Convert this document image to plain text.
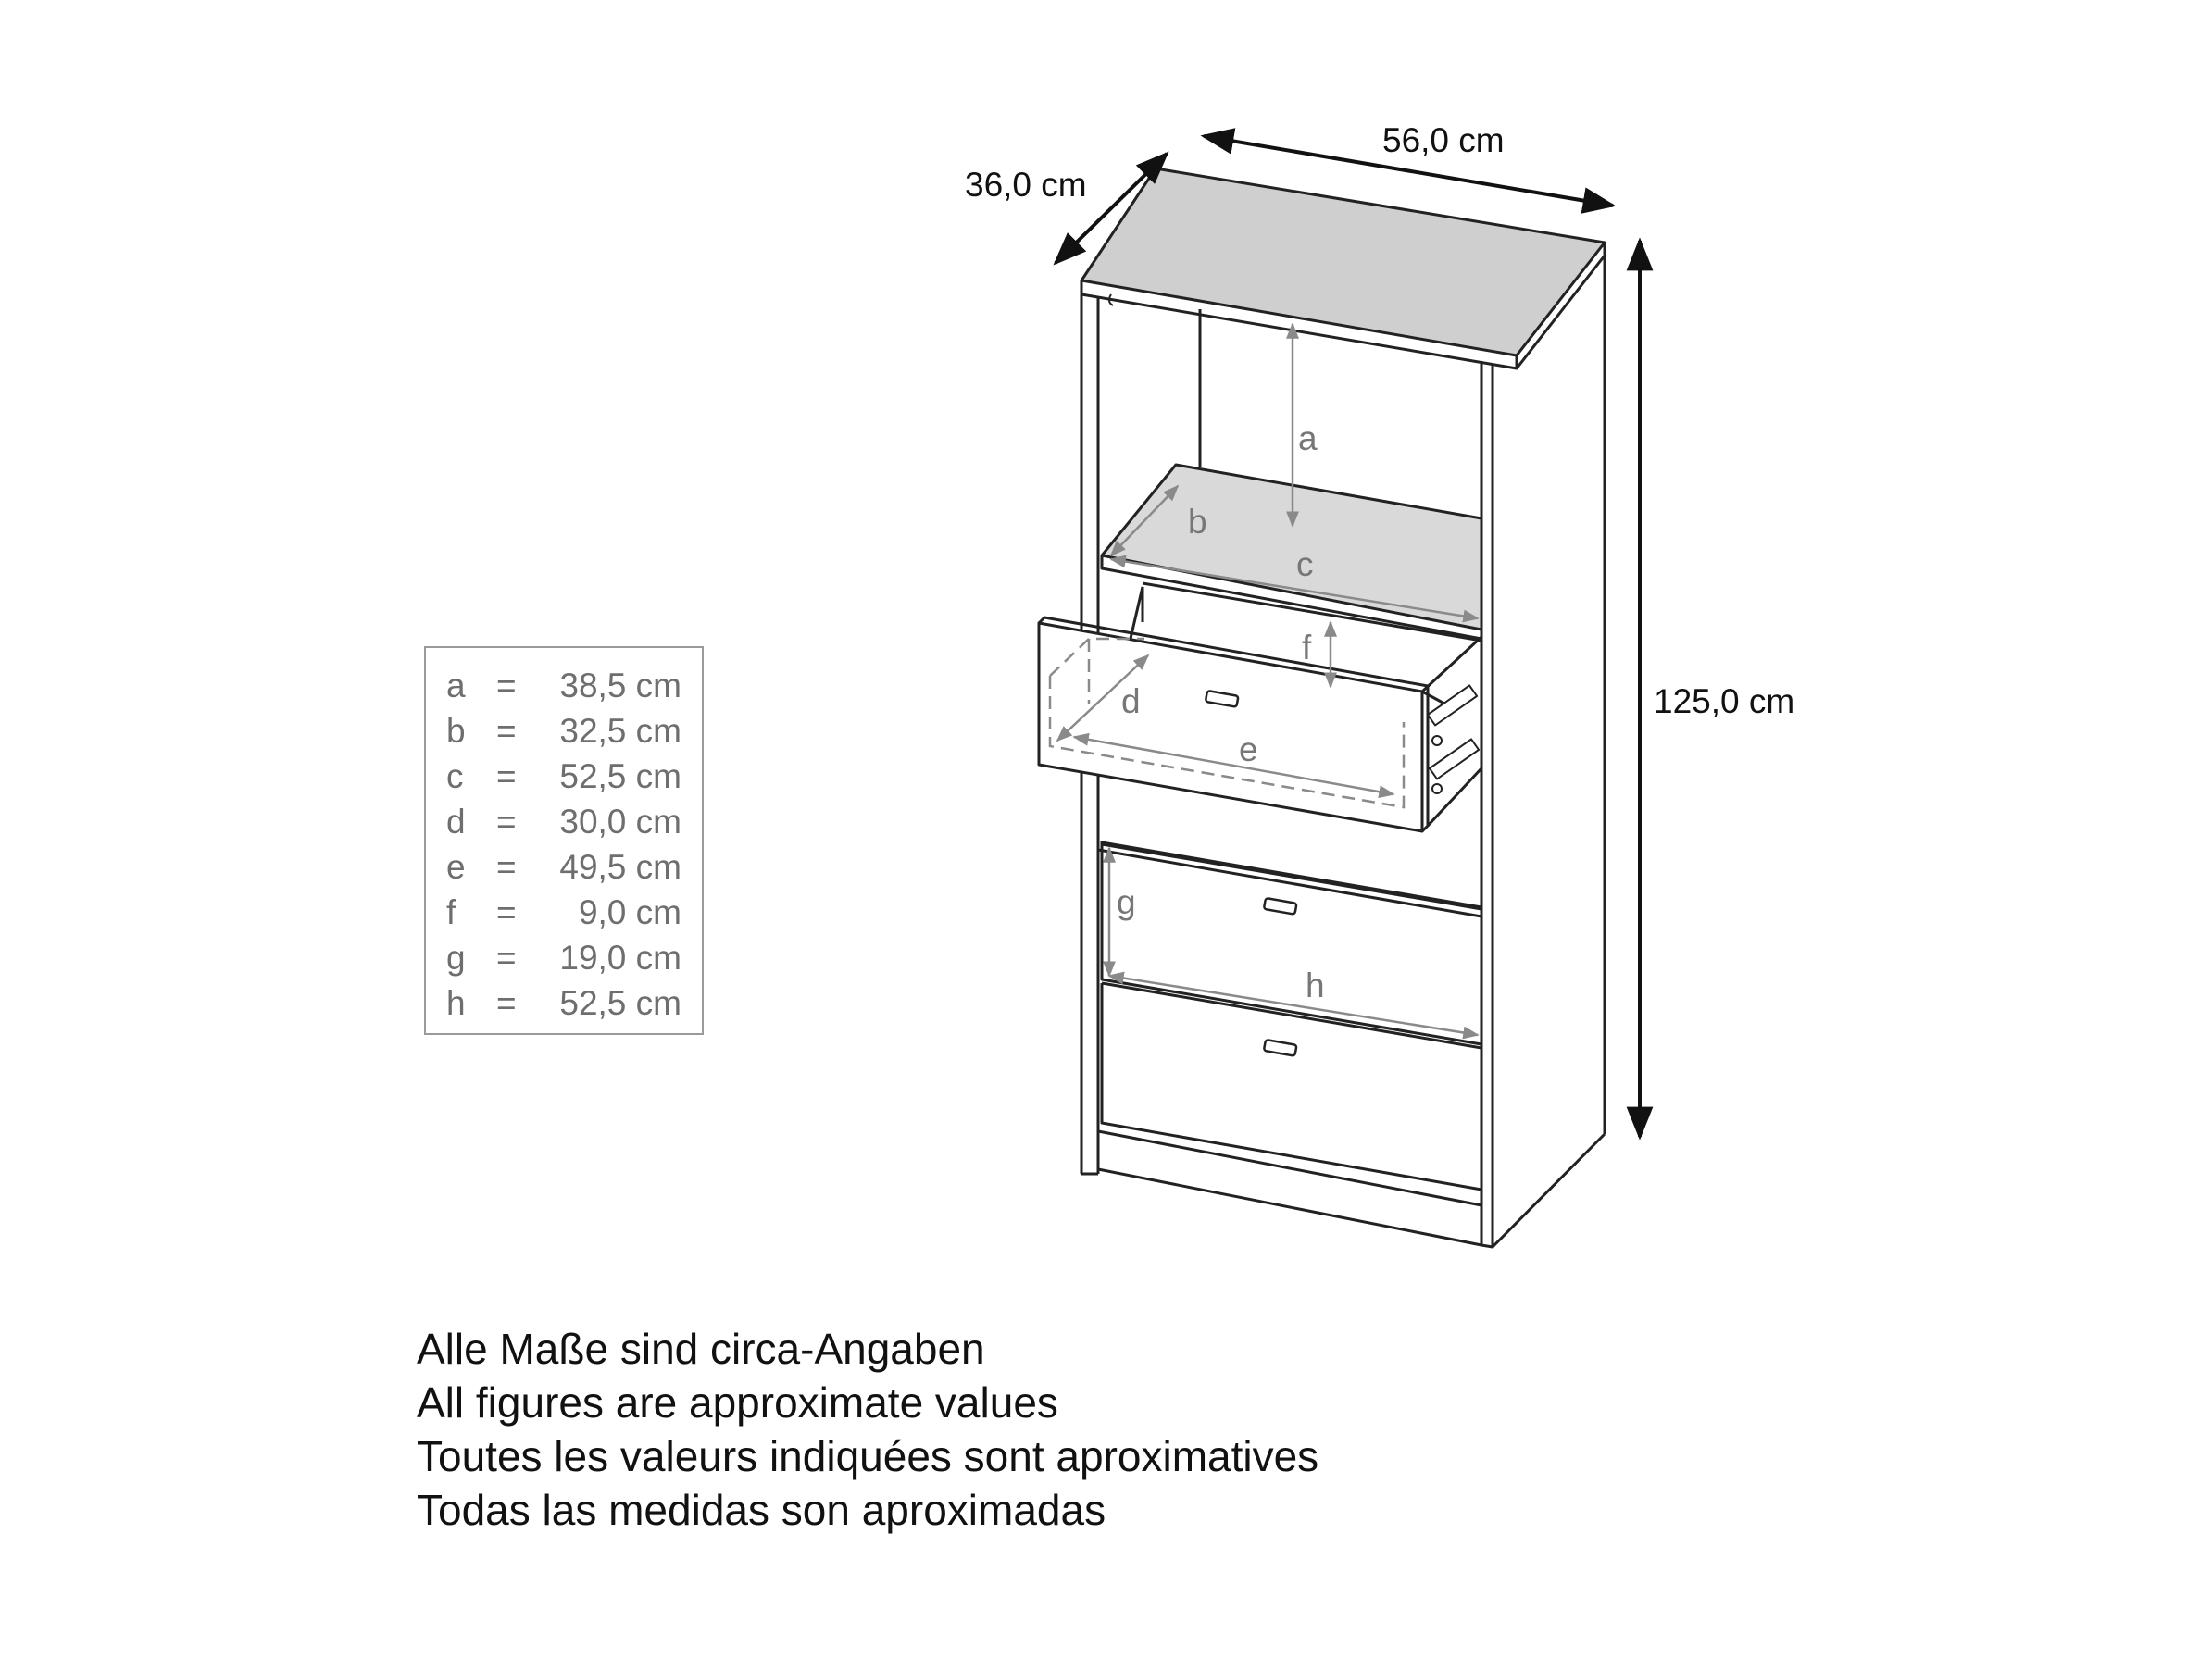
36,0 cm
56,0 cm
125,0 cm
a
b
c
d
e
f
g
h
a = 38,5 cm
b = 32,5 cm
c = 52,5 cm
d = 30,0 cm
e = 49,5 cm
f = 9,0 cm
g = 19,0 cm
h = 52,5 cm
Alle Maße sind circa-Angaben
All figures are approximate values
Toutes les valeurs indiquées sont aproximatives
Todas las medidas son aproximadas
